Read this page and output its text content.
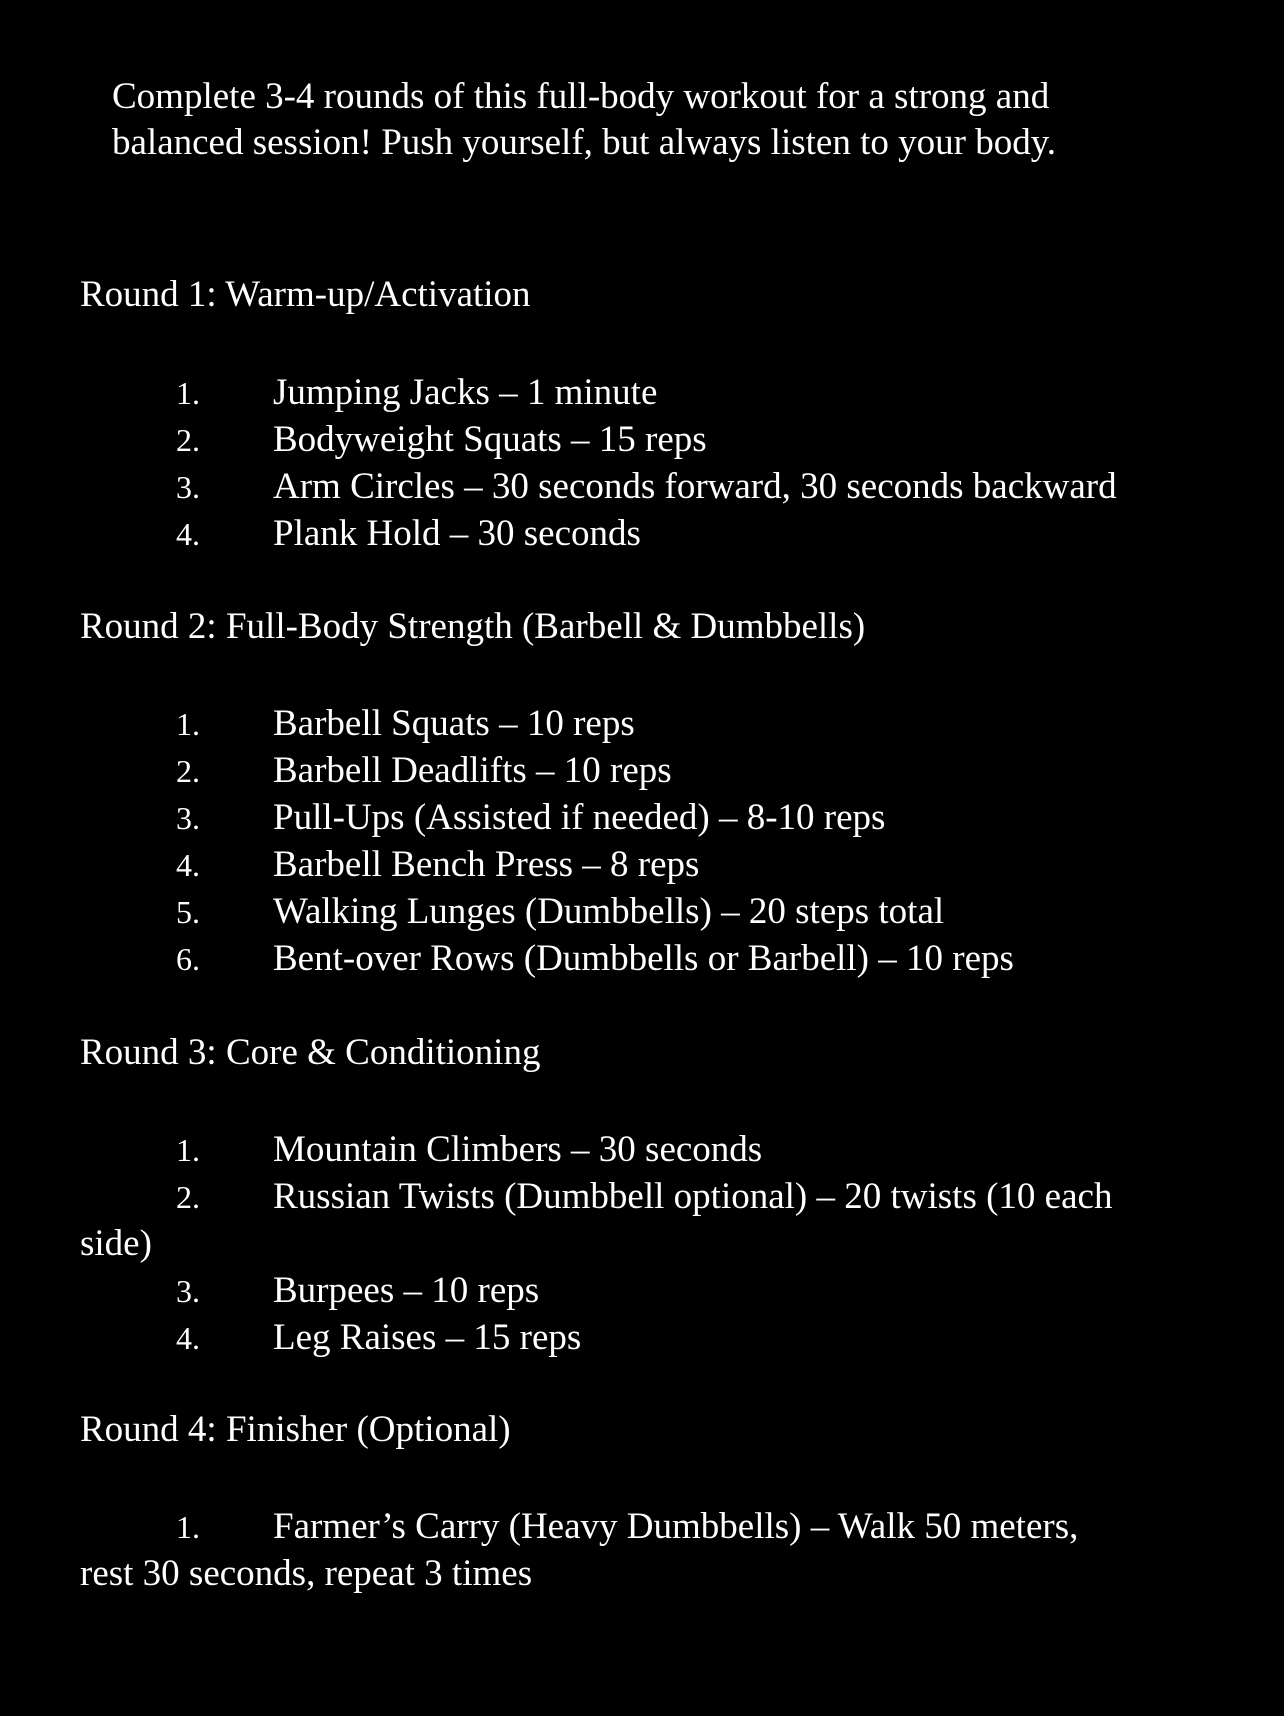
Complete 3-4 rounds of this full-body workout for a strong and
balanced session! Push yourself, but always listen to your body.

Round 1: Warm-up/Activation
1. Jumping Jacks – 1 minute
2. Bodyweight Squats – 15 reps
3. Arm Circles – 30 seconds forward, 30 seconds backward
4. Plank Hold – 30 seconds
Round 2: Full-Body Strength (Barbell & Dumbbells)
1. Barbell Squats – 10 reps
2. Barbell Deadlifts – 10 reps
3. Pull-Ups (Assisted if needed) – 8-10 reps
4. Barbell Bench Press – 8 reps
5. Walking Lunges (Dumbbells) – 20 steps total
6. Bent-over Rows (Dumbbells or Barbell) – 10 reps
Round 3: Core & Conditioning
1. Mountain Climbers – 30 seconds
2. Russian Twists (Dumbbell optional) – 20 twists (10 each
side)
3. Burpees – 10 reps
4. Leg Raises – 15 reps
Round 4: Finisher (Optional)
1. Farmer’s Carry (Heavy Dumbbells) – Walk 50 meters,
rest 30 seconds, repeat 3 times
